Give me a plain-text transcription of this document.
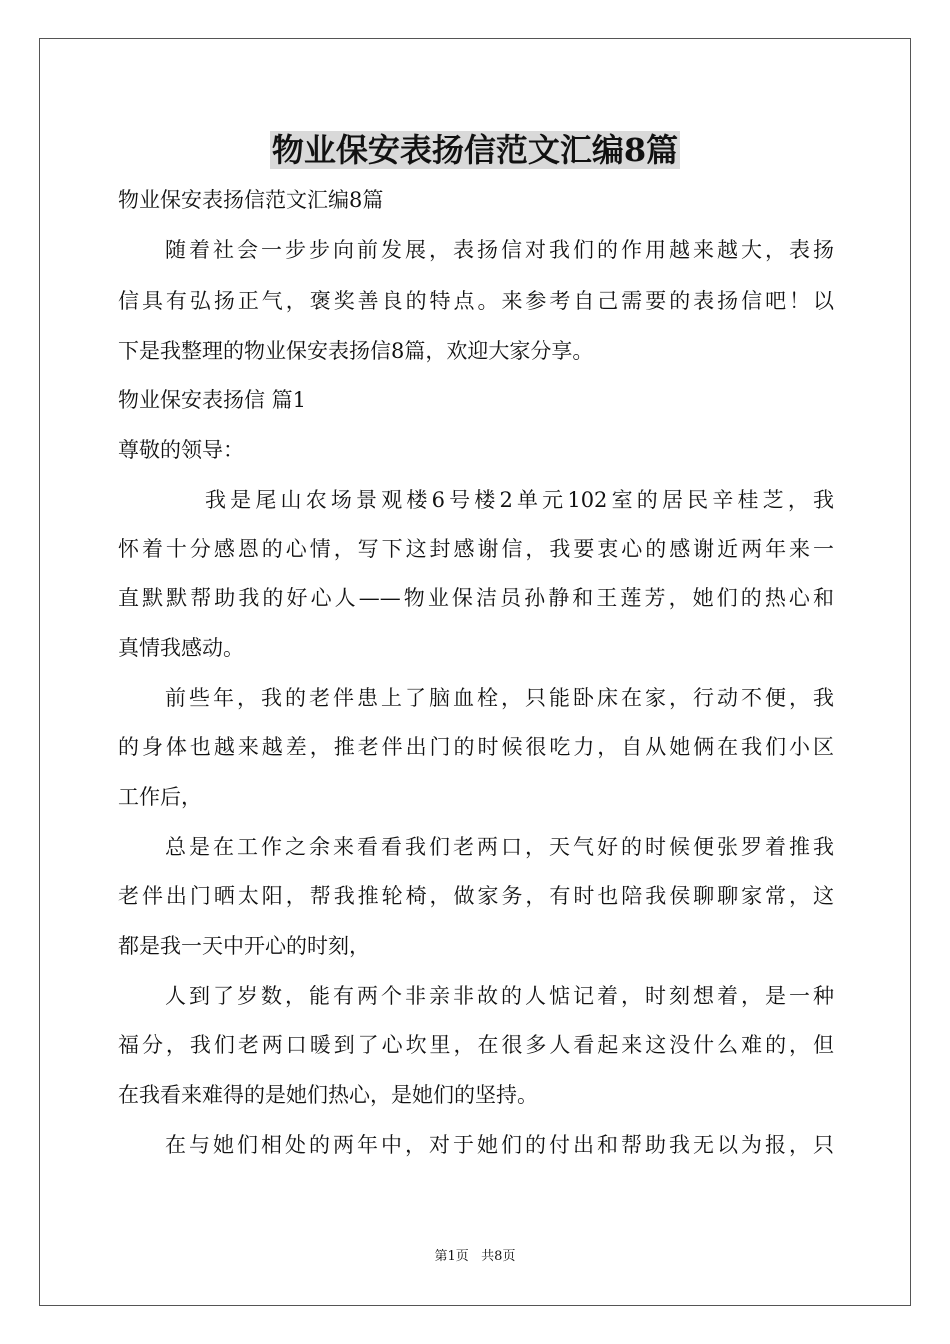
物业保安表扬信范文汇编8篇
物业保安表扬信范文汇编8篇
随着社会一步步向前发展，表扬信对我们的作用越来越大，表扬
信具有弘扬正气，褒奖善良的特点。来参考自己需要的表扬信吧！以
下是我整理的物业保安表扬信8篇，欢迎大家分享。
物业保安表扬信 篇1
尊敬的领导：
我是尾山农场景观楼6号楼2单元102室的居民辛桂芝，我
怀着十分感恩的心情，写下这封感谢信，我要衷心的感谢近两年来一
直默默帮助我的好心人——物业保洁员孙静和王莲芳，她们的热心和
真情我感动。
前些年，我的老伴患上了脑血栓，只能卧床在家，行动不便，我
的身体也越来越差，推老伴出门的时候很吃力，自从她俩在我们小区
工作后，
总是在工作之余来看看我们老两口，天气好的时候便张罗着推我
老伴出门晒太阳，帮我推轮椅，做家务，有时也陪我侯聊聊家常，这
都是我一天中开心的时刻，
人到了岁数，能有两个非亲非故的人惦记着，时刻想着，是一种
福分，我们老两口暖到了心坎里，在很多人看起来这没什么难的，但
在我看来难得的是她们热心，是她们的坚持。
在与她们相处的两年中，对于她们的付出和帮助我无以为报，只
第1页   共8页
